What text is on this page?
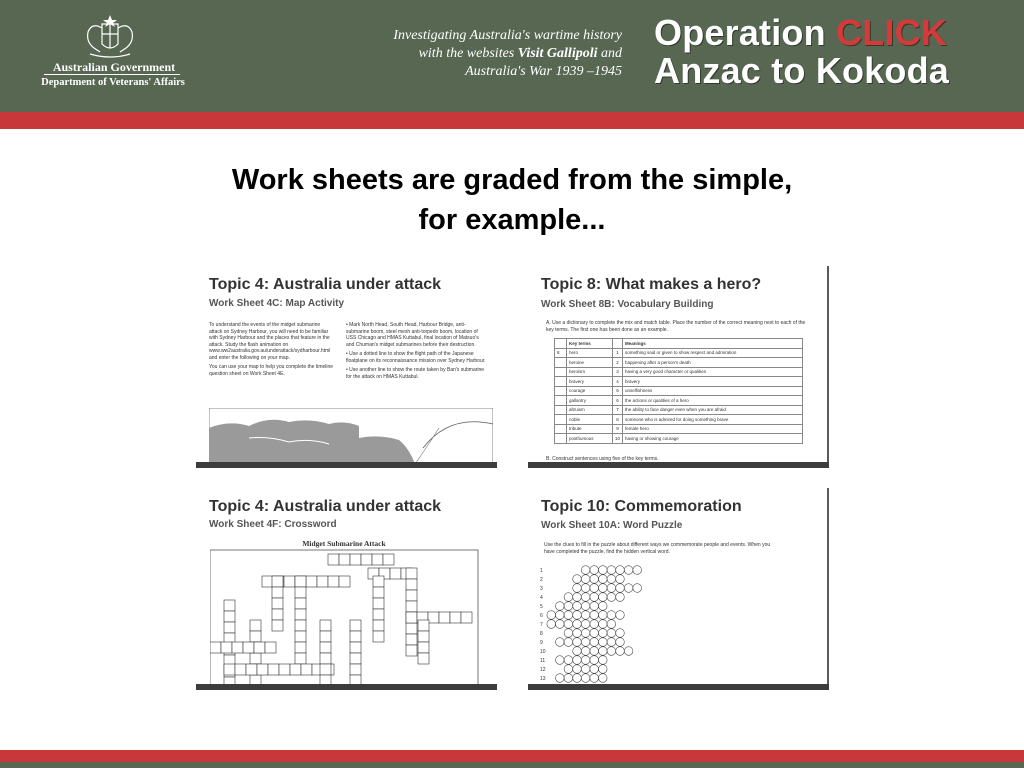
Australian Government
Department of Veterans' Affairs
Investigating Australia's wartime history
with the websites Visit Gallipoli and
Australia's War 1939 –1945
Operation CLICK
Anzac to Kokoda
Work sheets are graded from the simple,
for example...
Topic 4: Australia under attack
Work Sheet 4C: Map Activity
To understand the events of the midget submarine attack on Sydney Harbour, you will need to be familiar with Sydney Harbour and the places that feature in the attack. Study the flash animation on www.ww2australia.gov.au/underattack/sydharbour.html and enter the following on your map.
You can use your map to help you complete the timeline question sheet on Work Sheet 4E.
• Mark North Head, South Head, Harbour Bridge, anti-submarine boom, steel mesh anti-torpedo boom, location of USS Chicago and HMAS Kuttabul, final location of Matsuo's and Chuman's midget submarines before their destruction.
• Use a dotted line to show the flight path of the Japanese floatplane on its reconnaissance mission over Sydney Harbour.
• Use another line to show the route taken by Ban's submarine for the attack on HMAS Kuttabul.
Topic 8: What makes a hero?
Work Sheet 8B: Vocabulary Building
A. Use a dictionary to complete the mix and match table. Place the number of the correct meaning next to each of the key terms. The first one has been done as an example.
	Key terms		Meanings
8	hero	1	something said or given to show respect and admiration
	heroine	2	happening after a person's death
	heroism	3	having a very good character or qualities
	bravery	4	bravery
	courage	5	unselfishness
	gallantry	6	the actions or qualities of a hero
	altruism	7	the ability to face danger even when you are afraid
	noble	8	someone who is admired for doing something brave
	tribute	9	female hero
	posthumous	10	having or showing courage
B. Construct sentences using five of the key terms.
Topic 4: Australia under attack
Work Sheet 4F: Crossword
Midget Submarine Attack
Topic 10: Commemoration
Work Sheet 10A: Word Puzzle
Use the clues to fill in the puzzle about different ways we commemorate people and events. When you have completed the puzzle, find the hidden vertical word.
1
2
3
4
5
6
7
8
9
10
11
12
13
